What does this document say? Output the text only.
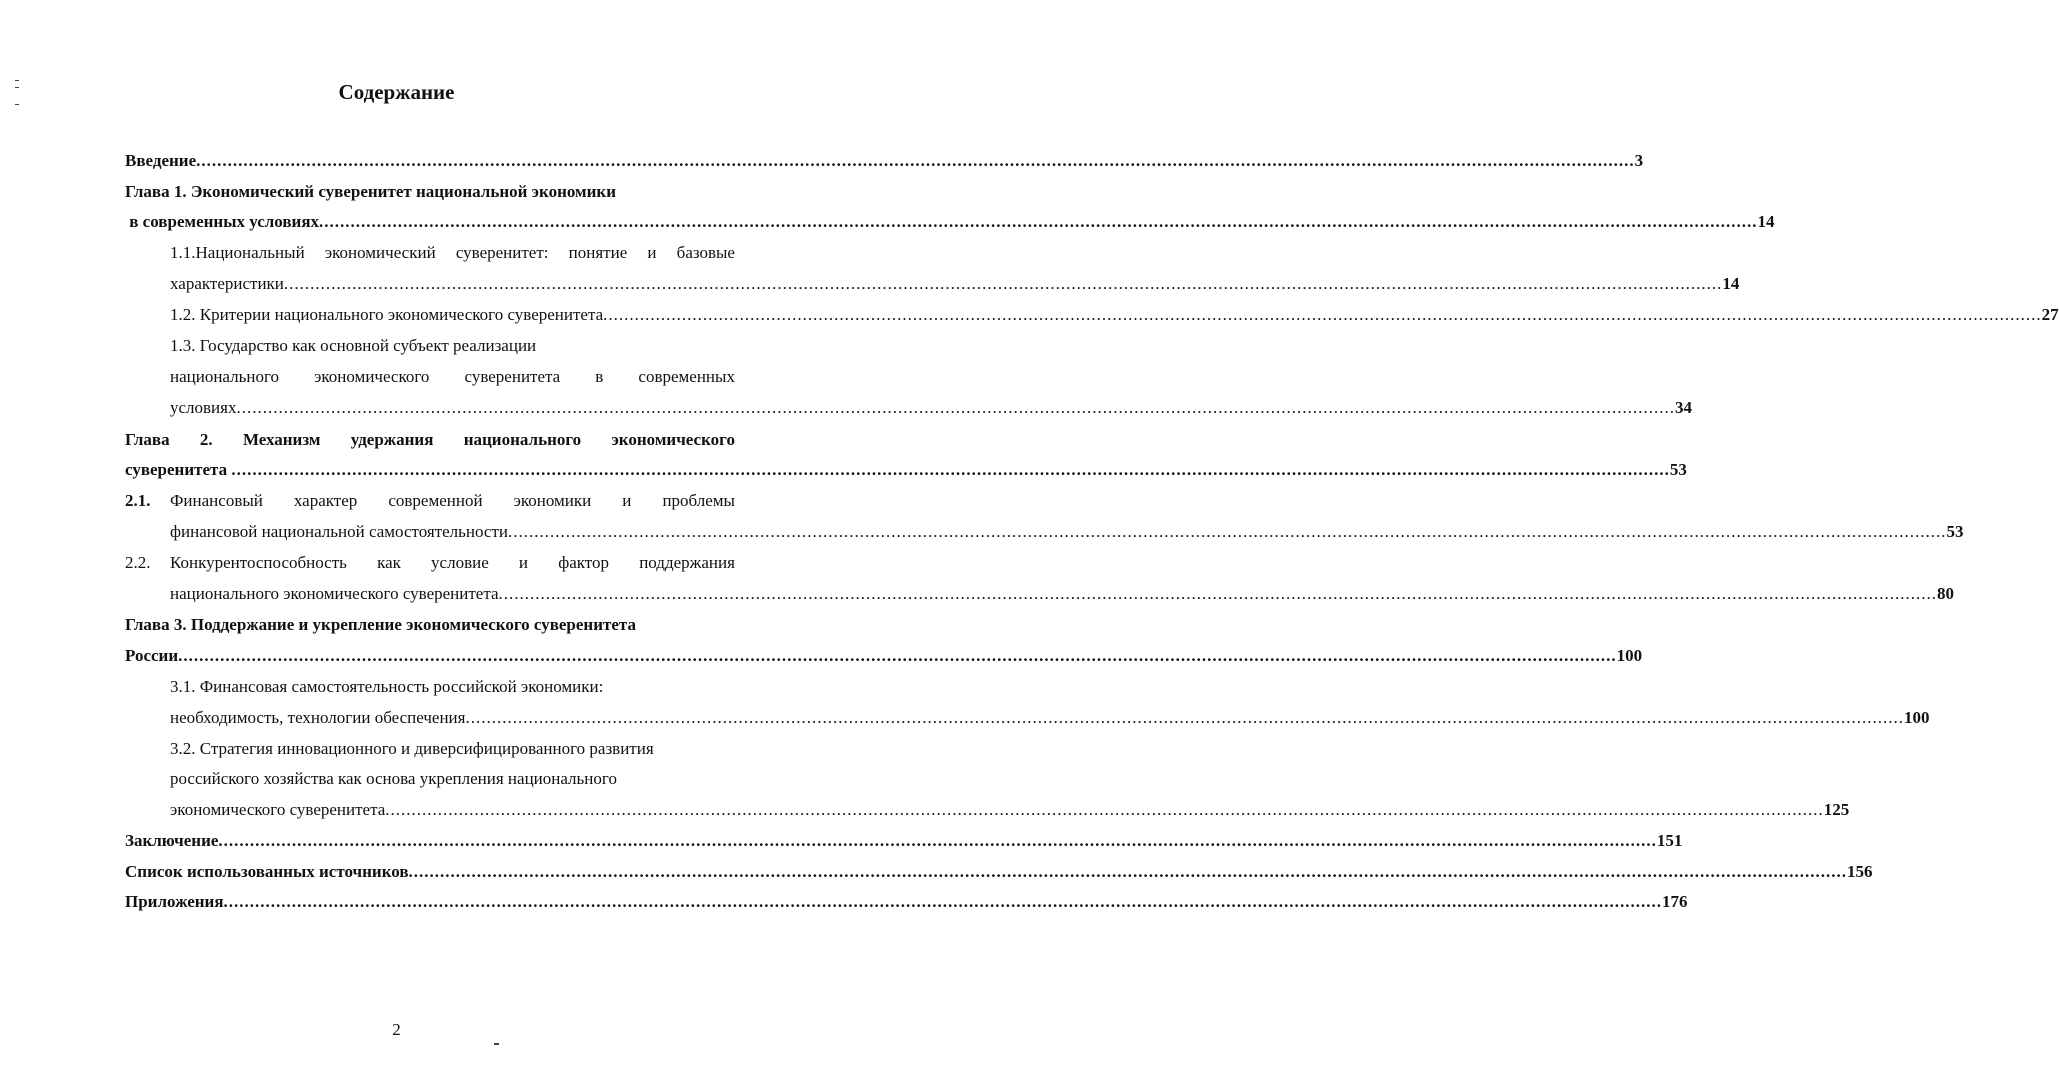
Содержание
Введение .................................................................................................................................................................................................................................................................................. 3
Глава 1. Экономический суверенитет национальной экономики
в современных условиях .................................................................................................................................................................................................................................................................................. 14
1.1.Национальный экономический суверенитет: понятие и базовые
характеристики .................................................................................................................................................................................................................................................................................. 14
1.2. Критерии национального экономического суверенитета .................................................................................................................................................................................................................................................................................. 27
1.3. Государство как основной субъект реализации
национального экономического суверенитета в современных
условиях .................................................................................................................................................................................................................................................................................. 34
Глава 2. Механизм удержания национального экономического
суверенитета .................................................................................................................................................................................................................................................................................. 53
2.1. Финансовый характер современной экономики и проблемы
финансовой национальной самостоятельности .................................................................................................................................................................................................................................................................................. 53
2.2. Конкурентоспособность как условие и фактор поддержания
национального экономического суверенитета .................................................................................................................................................................................................................................................................................. 80
Глава 3. Поддержание и укрепление экономического суверенитета
России .................................................................................................................................................................................................................................................................................. 100
3.1. Финансовая самостоятельность российской экономики:
необходимость, технологии обеспечения .................................................................................................................................................................................................................................................................................. 100
3.2. Стратегия инновационного и диверсифицированного развития
российского хозяйства как основа укрепления национального
экономического суверенитета .................................................................................................................................................................................................................................................................................. 125
Заключение .................................................................................................................................................................................................................................................................................. 151
Список использованных источников .................................................................................................................................................................................................................................................................................. 156
Приложения .................................................................................................................................................................................................................................................................................. 176
2
